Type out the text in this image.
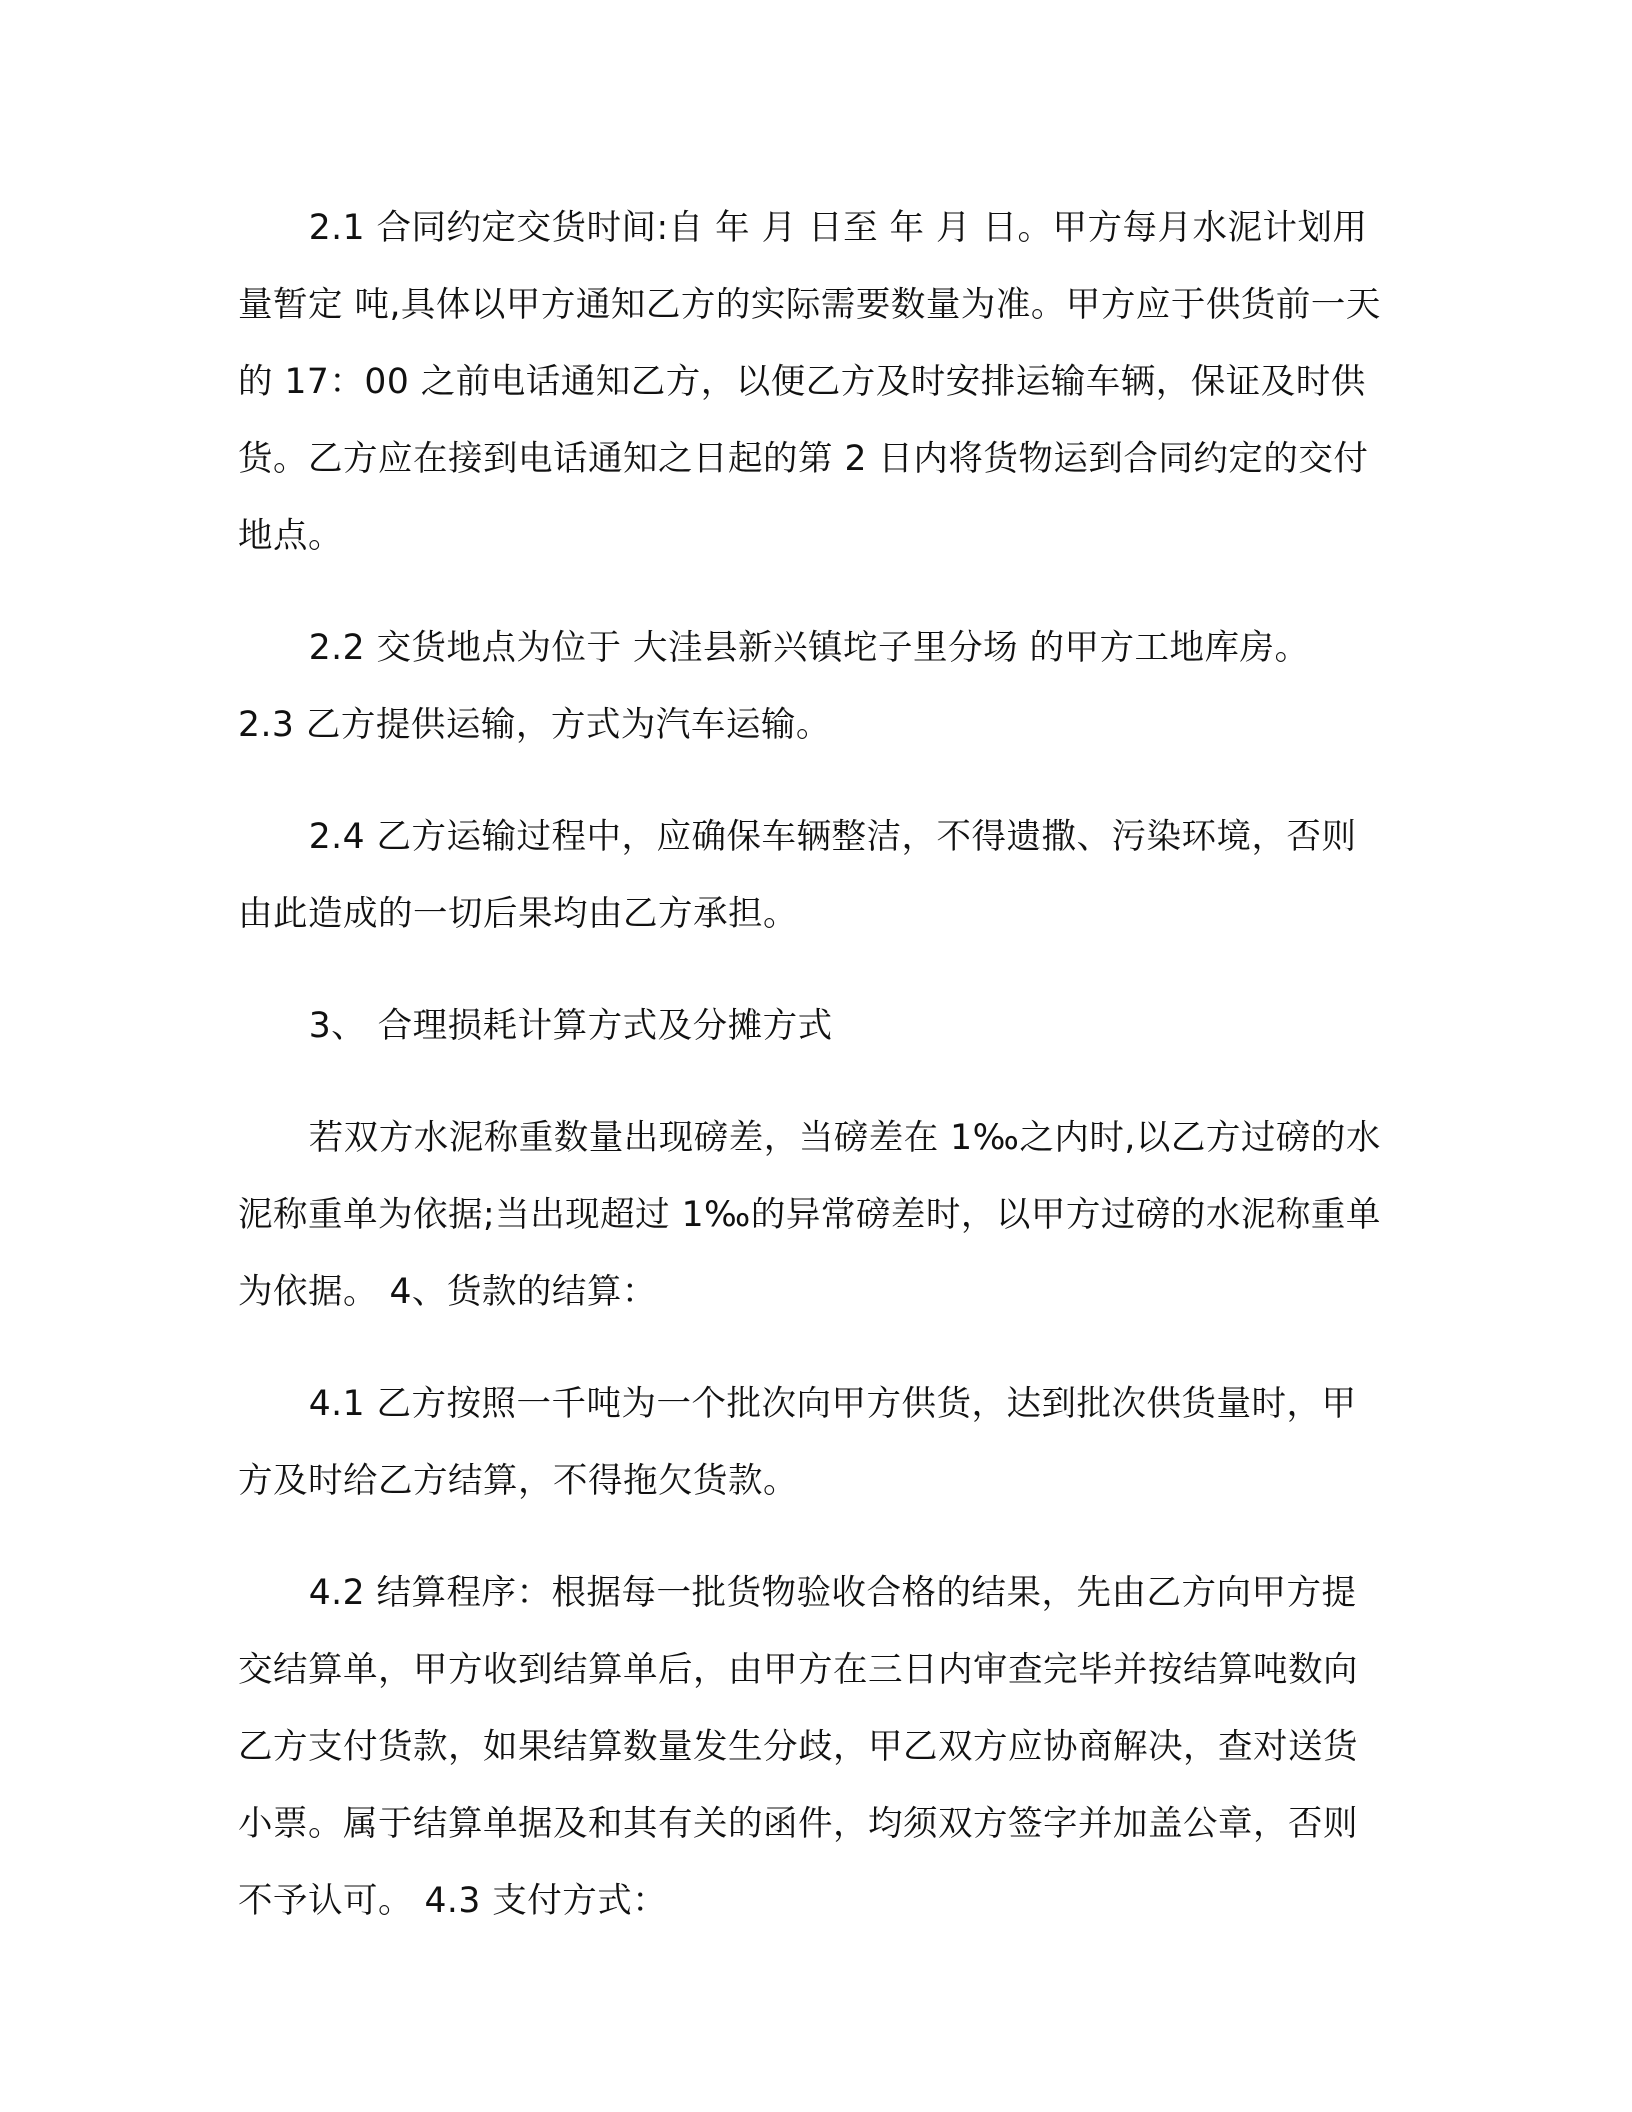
2.1 合同约定交货时间:自 年 月 日至 年 月 日。甲方每月水泥计划用量暂定 吨,具体以甲方通知乙方的实际需要数量为准。甲方应于供货前一天的 17：00 之前电话通知乙方，以便乙方及时安排运输车辆，保证及时供货。乙方应在接到电话通知之日起的第 2 日内将货物运到合同约定的交付地点。

2.2 交货地点为位于 大洼县新兴镇坨子里分场 的甲方工地库房。

2.3 乙方提供运输，方式为汽车运输。

2.4 乙方运输过程中，应确保车辆整洁，不得遗撒、污染环境，否则由此造成的一切后果均由乙方承担。

3、 合理损耗计算方式及分摊方式

若双方水泥称重数量出现磅差，当磅差在 1‰之内时,以乙方过磅的水泥称重单为依据;当出现超过 1‰的异常磅差时，以甲方过磅的水泥称重单为依据。 4、货款的结算：

4.1 乙方按照一千吨为一个批次向甲方供货，达到批次供货量时，甲方及时给乙方结算，不得拖欠货款。

4.2 结算程序：根据每一批货物验收合格的结果，先由乙方向甲方提交结算单，甲方收到结算单后，由甲方在三日内审查完毕并按结算吨数向乙方支付货款，如果结算数量发生分歧，甲乙双方应协商解决，查对送货小票。属于结算单据及和其有关的函件，均须双方签字并加盖公章，否则不予认可。 4.3 支付方式：
